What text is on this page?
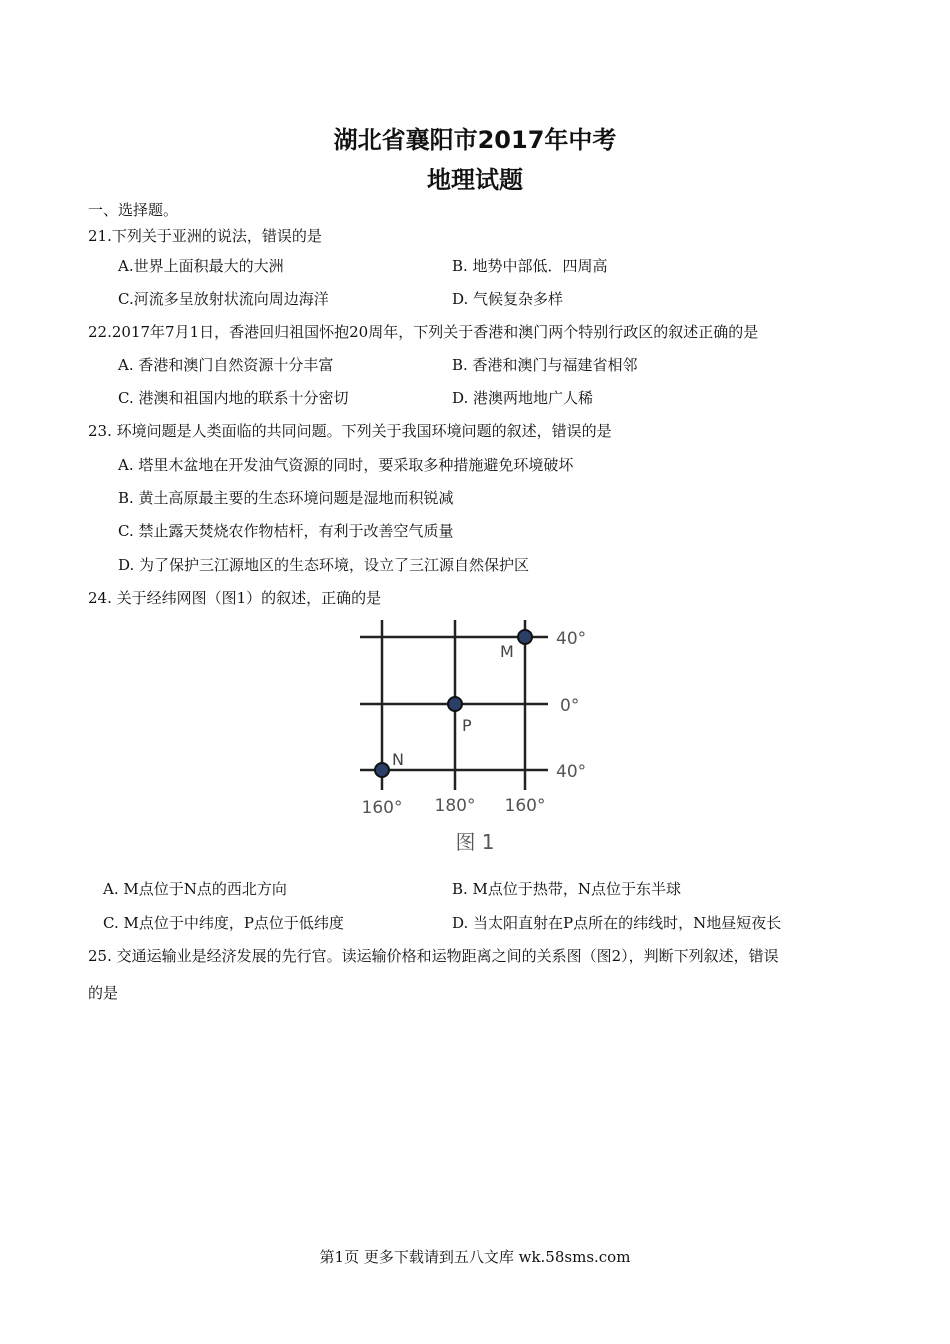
湖北省襄阳市2017年中考
地理试题
一、选择题。
21.下列关于亚洲的说法，错误的是
A.世界上面积最大的大洲	B. 地势中部低．四周高
C.河流多呈放射状流向周边海洋	D. 气候复杂多样
22.2017年7月1日，香港回归祖国怀抱20周年，下列关于香港和澳门两个特别行政区的叙述正确的是
A. 香港和澳门自然资源十分丰富	B. 香港和澳门与福建省相邻
C. 港澳和祖国内地的联系十分密切	D. 港澳两地地广人稀
23. 环境问题是人类面临的共同问题。下列关于我国环境问题的叙述，错误的是
A. 塔里木盆地在开发油气资源的同时，要采取多种措施避免环境破坏
B. 黄土高原最主要的生态环境问题是湿地而积锐减
C. 禁止露天焚烧农作物桔杆，有利于改善空气质量
D. 为了保护三江源地区的生态环境，设立了三江源自然保护区
24. 关于经纬网图（图1）的叙述，正确的是
M
P
N
40°
0°
40°
160° 180° 160°
图 1
A. M点位于N点的西北方向	B. M点位于热带，N点位于东半球
C. M点位于中纬度，P点位于低纬度	D. 当太阳直射在P点所在的纬线时，N地昼短夜长
25. 交通运输业是经济发展的先行官。读运输价格和运物距离之间的关系图（图2），判断下列叙述，错误
的是
第1页 更多下载请到五八文库 wk.58sms.com
